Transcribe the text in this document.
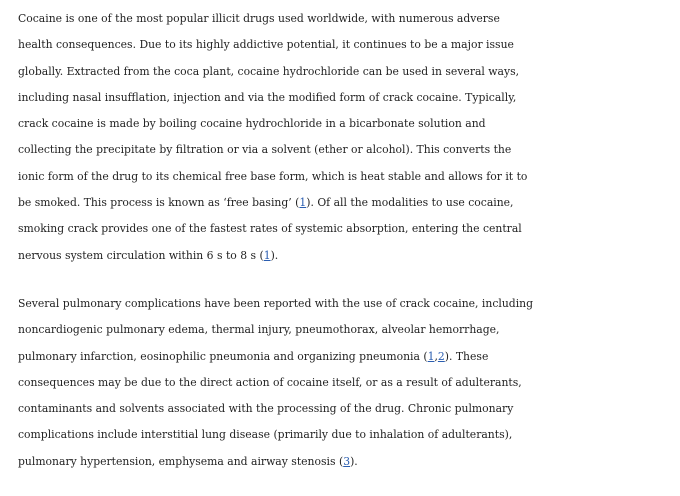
Cocaine is one of the most popular illicit drugs used worldwide, with numerous adverse
health consequences. Due to its highly addictive potential, it continues to be a major issue
globally. Extracted from the coca plant, cocaine hydrochloride can be used in several ways,
including nasal insufflation, injection and via the modified form of crack cocaine. Typically,
crack cocaine is made by boiling cocaine hydrochloride in a bicarbonate solution and
collecting the precipitate by filtration or via a solvent (ether or alcohol). This converts the
ionic form of the drug to its chemical free base form, which is heat stable and allows for it to
be smoked. This process is known as ‘free basing’ (1). Of all the modalities to use cocaine,
smoking crack provides one of the fastest rates of systemic absorption, entering the central
nervous system circulation within 6 s to 8 s (1).

Several pulmonary complications have been reported with the use of crack cocaine, including
noncardiogenic pulmonary edema, thermal injury, pneumothorax, alveolar hemorrhage,
pulmonary infarction, eosinophilic pneumonia and organizing pneumonia (1,2). These
consequences may be due to the direct action of cocaine itself, or as a result of adulterants,
contaminants and solvents associated with the processing of the drug. Chronic pulmonary
complications include interstitial lung disease (primarily due to inhalation of adulterants),
pulmonary hypertension, emphysema and airway stenosis (3).
